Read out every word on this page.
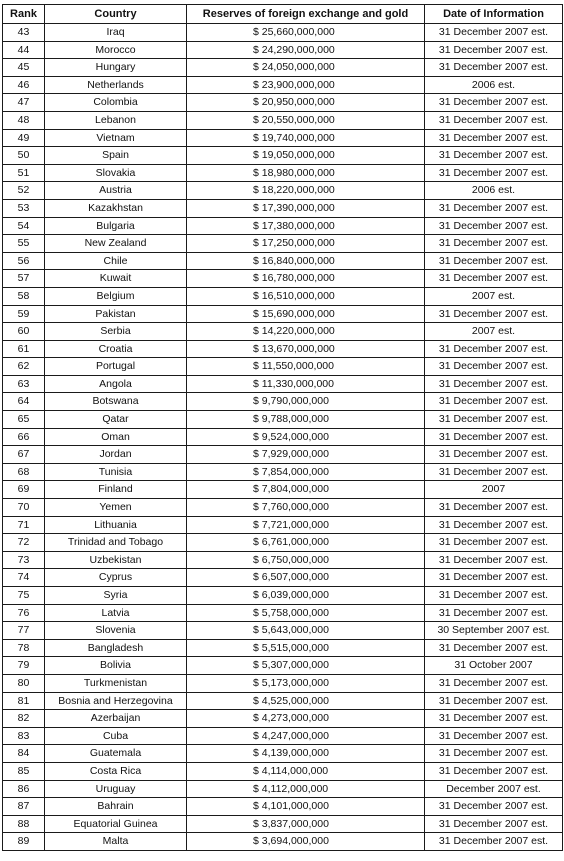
Rank	Country	Reserves of foreign exchange and gold	Date of Information
43	Iraq	$ 25,660,000,000	31 December 2007 est.
44	Morocco	$ 24,290,000,000	31 December 2007 est.
45	Hungary	$ 24,050,000,000	31 December 2007 est.
46	Netherlands	$ 23,900,000,000	2006 est.
47	Colombia	$ 20,950,000,000	31 December 2007 est.
48	Lebanon	$ 20,550,000,000	31 December 2007 est.
49	Vietnam	$ 19,740,000,000	31 December 2007 est.
50	Spain	$ 19,050,000,000	31 December 2007 est.
51	Slovakia	$ 18,980,000,000	31 December 2007 est.
52	Austria	$ 18,220,000,000	2006 est.
53	Kazakhstan	$ 17,390,000,000	31 December 2007 est.
54	Bulgaria	$ 17,380,000,000	31 December 2007 est.
55	New Zealand	$ 17,250,000,000	31 December 2007 est.
56	Chile	$ 16,840,000,000	31 December 2007 est.
57	Kuwait	$ 16,780,000,000	31 December 2007 est.
58	Belgium	$ 16,510,000,000	2007 est.
59	Pakistan	$ 15,690,000,000	31 December 2007 est.
60	Serbia	$ 14,220,000,000	2007 est.
61	Croatia	$ 13,670,000,000	31 December 2007 est.
62	Portugal	$ 11,550,000,000	31 December 2007 est.
63	Angola	$ 11,330,000,000	31 December 2007 est.
64	Botswana	$ 9,790,000,000	31 December 2007 est.
65	Qatar	$ 9,788,000,000	31 December 2007 est.
66	Oman	$ 9,524,000,000	31 December 2007 est.
67	Jordan	$ 7,929,000,000	31 December 2007 est.
68	Tunisia	$ 7,854,000,000	31 December 2007 est.
69	Finland	$ 7,804,000,000	2007
70	Yemen	$ 7,760,000,000	31 December 2007 est.
71	Lithuania	$ 7,721,000,000	31 December 2007 est.
72	Trinidad and Tobago	$ 6,761,000,000	31 December 2007 est.
73	Uzbekistan	$ 6,750,000,000	31 December 2007 est.
74	Cyprus	$ 6,507,000,000	31 December 2007 est.
75	Syria	$ 6,039,000,000	31 December 2007 est.
76	Latvia	$ 5,758,000,000	31 December 2007 est.
77	Slovenia	$ 5,643,000,000	30 September 2007 est.
78	Bangladesh	$ 5,515,000,000	31 December 2007 est.
79	Bolivia	$ 5,307,000,000	31 October 2007
80	Turkmenistan	$ 5,173,000,000	31 December 2007 est.
81	Bosnia and Herzegovina	$ 4,525,000,000	31 December 2007 est.
82	Azerbaijan	$ 4,273,000,000	31 December 2007 est.
83	Cuba	$ 4,247,000,000	31 December 2007 est.
84	Guatemala	$ 4,139,000,000	31 December 2007 est.
85	Costa Rica	$ 4,114,000,000	31 December 2007 est.
86	Uruguay	$ 4,112,000,000	December 2007 est.
87	Bahrain	$ 4,101,000,000	31 December 2007 est.
88	Equatorial Guinea	$ 3,837,000,000	31 December 2007 est.
89	Malta	$ 3,694,000,000	31 December 2007 est.
